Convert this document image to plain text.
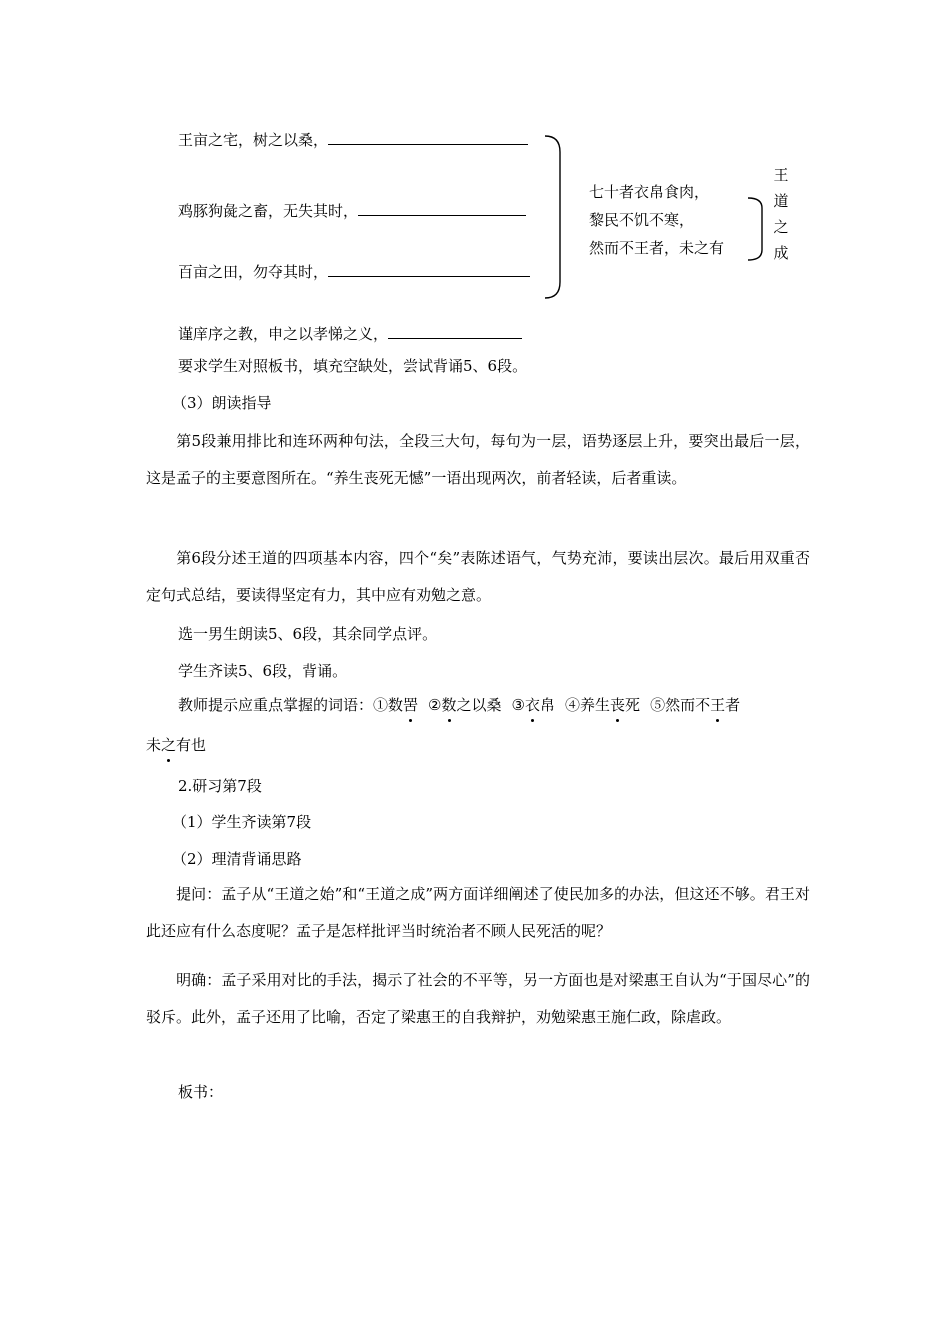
王亩之宅，树之以桑，
鸡豚狗彘之畜，无失其时，
百亩之田，勿夺其时，
谨庠序之教，申之以孝悌之义，
七十者衣帛食肉，
黎民不饥不寒，
然而不王者，未之有
王
道
之
成
要求学生对照板书，填充空缺处，尝试背诵5、6段。
（3）朗读指导
第5段兼用排比和连环两种句法，全段三大句，每句为一层，语势逐层上升，要突出最后一层，这是孟子的主要意图所在。“养生丧死无憾”一语出现两次，前者轻读，后者重读。
第6段分述王道的四项基本内容，四个“矣”表陈述语气，气势充沛，要读出层次。最后用双重否定句式总结，要读得坚定有力，其中应有劝勉之意。
选一男生朗读5、6段，其余同学点评。
学生齐读5、6段，背诵。
教师提示应重点掌握的词语：①数罟 ②数之以桑 ③衣帛 ④养生丧死 ⑤然而不王者
未之有也
2.研习第7段
（1）学生齐读第7段
（2）理清背诵思路
提问：孟子从“王道之始”和“王道之成”两方面详细阐述了使民加多的办法，但这还不够。君王对此还应有什么态度呢？孟子是怎样批评当时统治者不顾人民死活的呢？
明确：孟子采用对比的手法，揭示了社会的不平等，另一方面也是对梁惠王自认为“于国尽心”的驳斥。此外，孟子还用了比喻，否定了梁惠王的自我辩护，劝勉梁惠王施仁政，除虐政。
板书：
